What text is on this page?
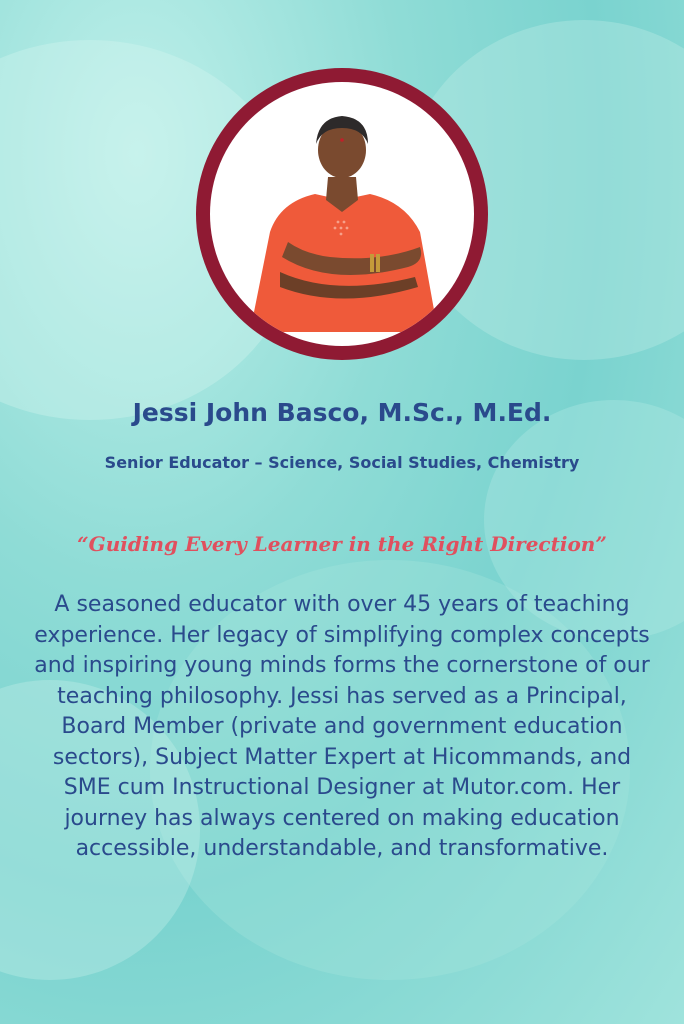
Jessi John Basco, M.Sc., M.Ed.
Senior Educator – Science, Social Studies, Chemistry

“Guiding Every Learner in the Right Direction”

A seasoned educator with over 45 years of teaching experience. Her legacy of simplifying complex concepts and inspiring young minds forms the cornerstone of our teaching philosophy. Jessi has served as a Principal, Board Member (private and government education sectors), Subject Matter Expert at Hicommands, and SME cum Instructional Designer at Mutor.com. Her journey has always centered on making education accessible, understandable, and transformative.
